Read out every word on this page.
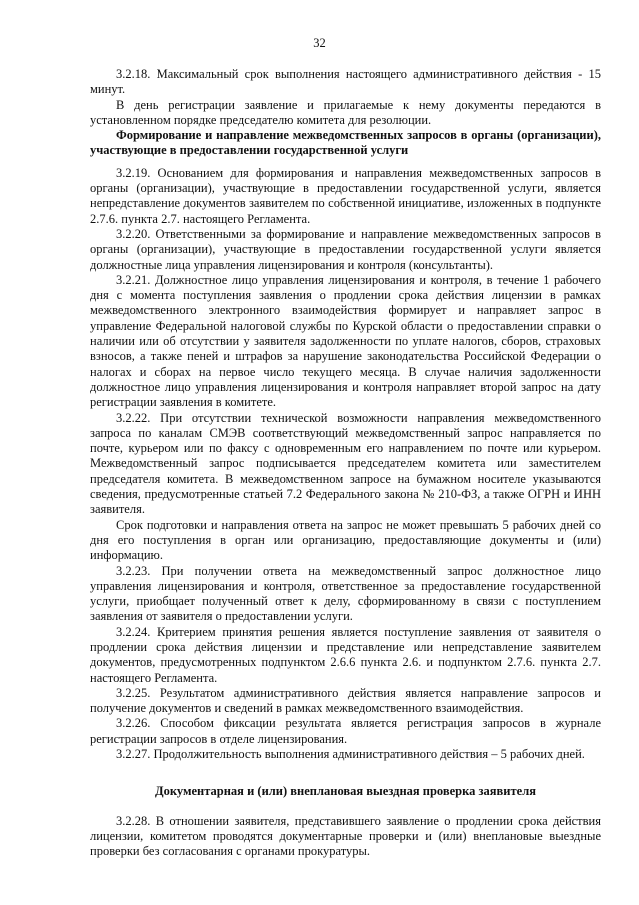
32

3.2.18. Максимальный срок выполнения настоящего административного действия - 15 минут.

В день регистрации заявление и прилагаемые к нему документы передаются в установленном порядке председателю комитета для резолюции.

Формирование и направление межведомственных запросов в органы (организации), участвующие в предоставлении государственной услуги

3.2.19. Основанием для формирования и направления межведомственных запросов в органы (организации), участвующие в предоставлении государственной услуги, является непредставление документов заявителем по собственной инициативе, изложенных в подпункте 2.7.6. пункта 2.7. настоящего Регламента.

3.2.20. Ответственными за формирование и направление межведомственных запросов в органы (организации), участвующие в предоставлении государственной услуги является должностные лица управления лицензирования и контроля (консультанты).

3.2.21. Должностное лицо управления лицензирования и контроля, в течение 1 рабочего дня с момента поступления заявления о продлении срока действия лицензии в рамках межведомственного электронного взаимодействия формирует и направляет запрос в управление Федеральной налоговой службы по Курской области о предоставлении справки о наличии или об отсутствии у заявителя задолженности по уплате налогов, сборов, страховых взносов, а также пеней и штрафов за нарушение законодательства Российской Федерации о налогах и сборах на первое число текущего месяца. В случае наличия задолженности должностное лицо управления лицензирования и контроля направляет второй запрос на дату регистрации заявления в комитете.

3.2.22. При отсутствии технической возможности направления межведомственного запроса по каналам СМЭВ соответствующий межведомственный запрос направляется по почте, курьером или по факсу с одновременным его направлением по почте или курьером. Межведомственный запрос подписывается председателем комитета или заместителем председателя комитета. В межведомственном запросе на бумажном носителе указываются сведения, предусмотренные статьей 7.2 Федерального закона № 210-ФЗ, а также ОГРН и ИНН заявителя.

Срок подготовки и направления ответа на запрос не может превышать 5 рабочих дней со дня его поступления в орган или организацию, предоставляющие документы и (или) информацию.

3.2.23. При получении ответа на межведомственный запрос должностное лицо управления лицензирования и контроля, ответственное за предоставление государственной услуги, приобщает полученный ответ к делу, сформированному в связи с поступлением заявления от заявителя о предоставлении услуги.

3.2.24. Критерием принятия решения является поступление заявления от заявителя о продлении срока действия лицензии и представление или непредставление заявителем документов, предусмотренных подпунктом 2.6.6 пункта 2.6. и подпунктом 2.7.6. пункта 2.7. настоящего Регламента.

3.2.25. Результатом административного действия является направление запросов и получение документов и сведений в рамках межведомственного взаимодействия.

3.2.26. Способом фиксации результата является регистрация запросов в журнале регистрации запросов в отделе лицензирования.

3.2.27. Продолжительность выполнения административного действия – 5 рабочих дней.

Документарная и (или) внеплановая выездная проверка заявителя

3.2.28. В отношении заявителя, представившего заявление о продлении срока действия лицензии, комитетом проводятся документарные проверки и (или) внеплановые выездные проверки без согласования с органами прокуратуры.
